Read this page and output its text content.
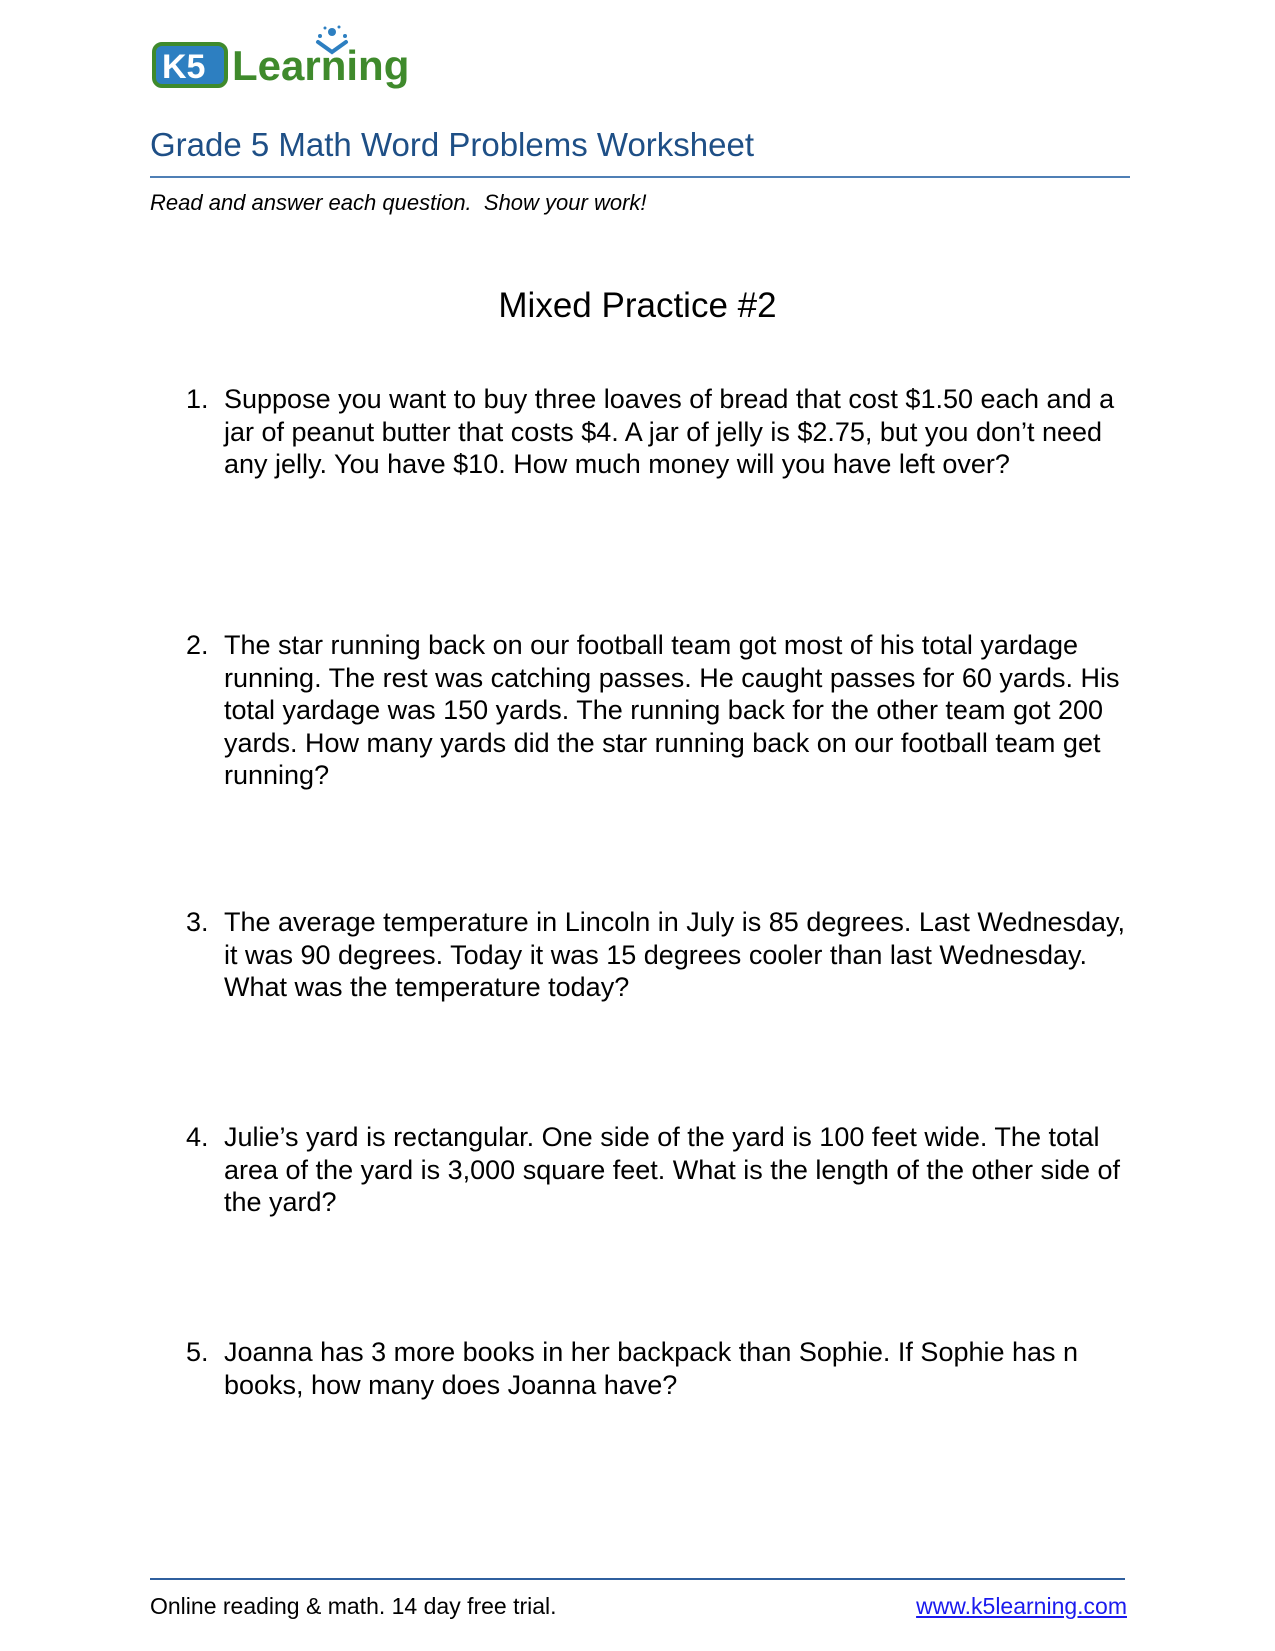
K5 Learning
Grade 5 Math Word Problems Worksheet
Read and answer each question.  Show your work!
Mixed Practice #2
1. Suppose you want to buy three loaves of bread that cost $1.50 each and a jar of peanut butter that costs $4. A jar of jelly is $2.75, but you don’t need any jelly. You have $10. How much money will you have left over?
2. The star running back on our football team got most of his total yardage running. The rest was catching passes. He caught passes for 60 yards. His total yardage was 150 yards. The running back for the other team got 200 yards. How many yards did the star running back on our football team get running?
3. The average temperature in Lincoln in July is 85 degrees. Last Wednesday, it was 90 degrees. Today it was 15 degrees cooler than last Wednesday. What was the temperature today?
4. Julie’s yard is rectangular. One side of the yard is 100 feet wide. The total area of the yard is 3,000 square feet. What is the length of the other side of the yard?
5. Joanna has 3 more books in her backpack than Sophie. If Sophie has n books, how many does Joanna have?
Online reading & math. 14 day free trial.	www.k5learning.com
